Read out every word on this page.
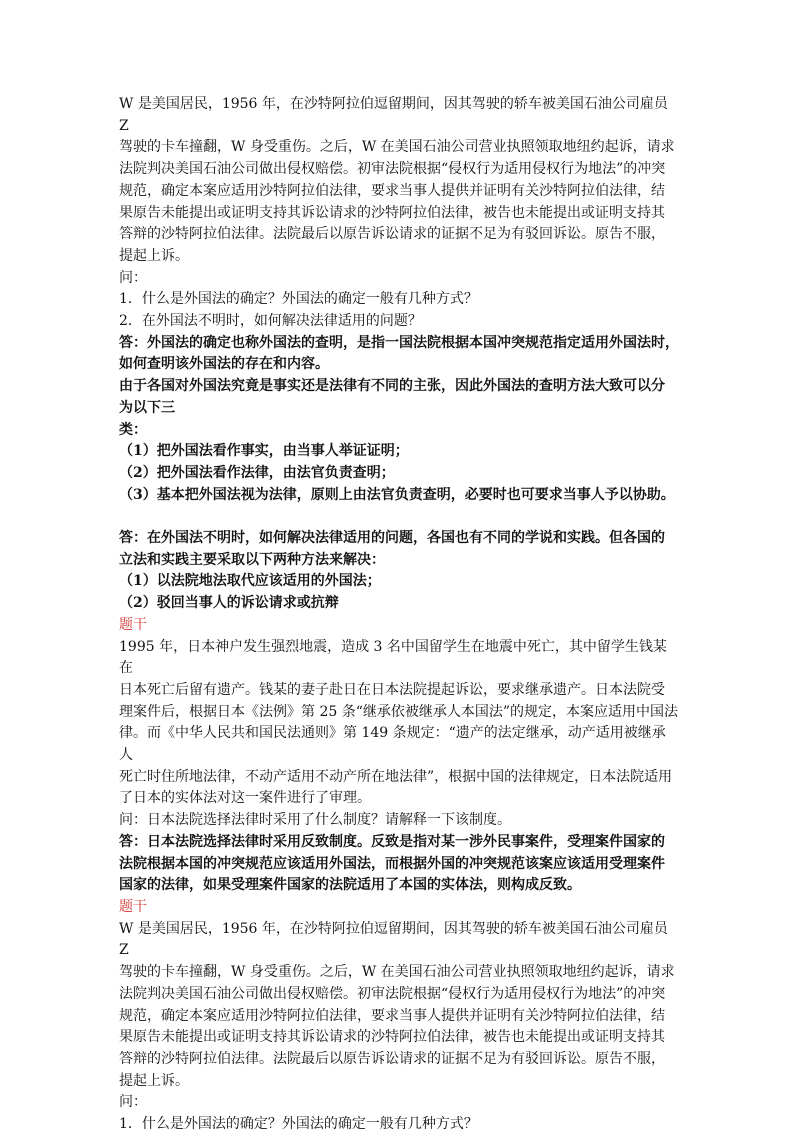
W 是美国居民，1956 年，在沙特阿拉伯逗留期间，因其驾驶的轿车被美国石油公司雇员 Z

驾驶的卡车撞翻，W 身受重伤。之后，W 在美国石油公司营业执照领取地纽约起诉，请求

法院判决美国石油公司做出侵权赔偿。初审法院根据“侵权行为适用侵权行为地法”的冲突

规范，确定本案应适用沙特阿拉伯法律，要求当事人提供并证明有关沙特阿拉伯法律，结

果原告未能提出或证明支持其诉讼请求的沙特阿拉伯法律，被告也未能提出或证明支持其

答辩的沙特阿拉伯法律。法院最后以原告诉讼请求的证据不足为有驳回诉讼。原告不服，

提起上诉。

问：

1．什么是外国法的确定？外国法的确定一般有几种方式？

2．在外国法不明时，如何解决法律适用的问题？

答：外国法的确定也称外国法的查明，是指一国法院根据本国冲突规范指定适用外国法时，

如何查明该外国法的存在和内容。

由于各国对外国法究竟是事实还是法律有不同的主张，因此外国法的查明方法大致可以分

为以下三

类：

（1）把外国法看作事实，由当事人举证证明；

（2）把外国法看作法律，由法官负责查明；

（3）基本把外国法视为法律，原则上由法官负责查明，必要时也可要求当事人予以协助。

答：在外国法不明时，如何解决法律适用的问题，各国也有不同的学说和实践。但各国的

立法和实践主要采取以下两种方法来解决：

（1）以法院地法取代应该适用的外国法；

（2）驳回当事人的诉讼请求或抗辩

题干

1995 年，日本神户发生强烈地震，造成 3 名中国留学生在地震中死亡，其中留学生钱某在

日本死亡后留有遗产。钱某的妻子赴日在日本法院提起诉讼，要求继承遗产。日本法院受

理案件后，根据日本《法例》第 25 条“继承依被继承人本国法”的规定，本案应适用中国法

律。而《中华人民共和国民法通则》第 149 条规定：“遗产的法定继承，动产适用被继承人

死亡时住所地法律，不动产适用不动产所在地法律”，根据中国的法律规定，日本法院适用

了日本的实体法对这一案件进行了审理。

问：日本法院选择法律时采用了什么制度？请解释一下该制度。

答：日本法院选择法律时采用反致制度。反致是指对某一涉外民事案件，受理案件国家的

法院根据本国的冲突规范应该适用外国法，而根据外国的冲突规范该案应该适用受理案件

国家的法律，如果受理案件国家的法院适用了本国的实体法，则构成反致。

题干

W 是美国居民，1956 年，在沙特阿拉伯逗留期间，因其驾驶的轿车被美国石油公司雇员 Z

驾驶的卡车撞翻，W 身受重伤。之后，W 在美国石油公司营业执照领取地纽约起诉，请求

法院判决美国石油公司做出侵权赔偿。初审法院根据“侵权行为适用侵权行为地法”的冲突

规范，确定本案应适用沙特阿拉伯法律，要求当事人提供并证明有关沙特阿拉伯法律，结

果原告未能提出或证明支持其诉讼请求的沙特阿拉伯法律，被告也未能提出或证明支持其

答辩的沙特阿拉伯法律。法院最后以原告诉讼请求的证据不足为有驳回诉讼。原告不服，

提起上诉。

问：

1．什么是外国法的确定？外国法的确定一般有几种方式？
